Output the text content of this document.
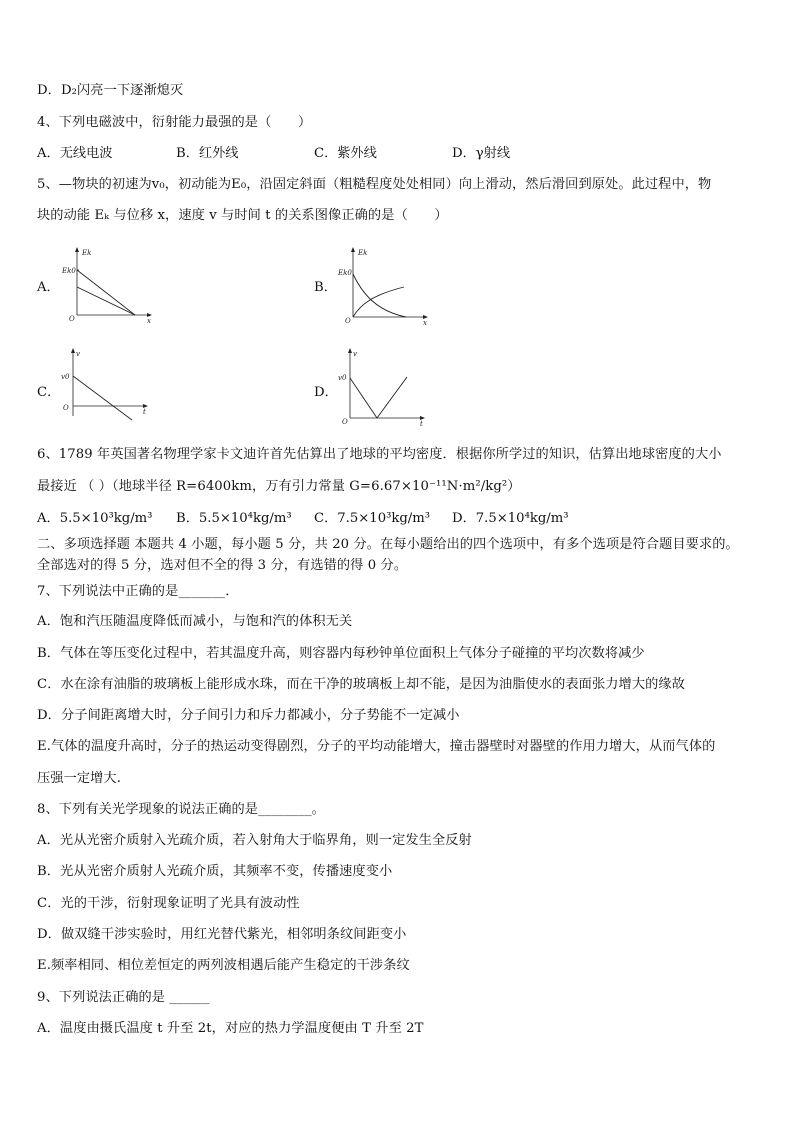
D．D₂闪亮一下逐渐熄灭
4、下列电磁波中，衍射能力最强的是（　　）
A．无线电波	B．红外线	C．紫外线	D．γ射线
5、—物块的初速为v₀，初动能为E₀，沿固定斜面（粗糙程度处处相同）向上滑动，然后滑回到原处。此过程中，物
块的动能 Eₖ 与位移 x，速度 v 与时间 t 的关系图像正确的是（　　）
A．
Ek
Ek0
O	x
B．
Ek
Ek0
O	x
C．
v
v0
O	t
D．
v
v0
O	t
6、1789 年英国著名物理学家卡文迪许首先估算出了地球的平均密度．根据你所学过的知识，估算出地球密度的大小
最接近 （ ）（地球半径 R=6400km，万有引力常量 G=6.67×10⁻¹¹N·m²/kg²）
A．5.5×10³kg/m³ B．5.5×10⁴kg/m³ C．7.5×10³kg/m³ D．7.5×10⁴kg/m³
二、多项选择题 本题共 4 小题，每小题 5 分，共 20 分。在每小题给出的四个选项中，有多个选项是符合题目要求的。
全部选对的得 5 分，选对但不全的得 3 分，有选错的得 0 分。
7、下列说法中正确的是_______．
A．饱和汽压随温度降低而减小，与饱和汽的体积无关
B．气体在等压变化过程中，若其温度升高，则容器内每秒钟单位面积上气体分子碰撞的平均次数将减少
C．水在涂有油脂的玻璃板上能形成水珠，而在干净的玻璃板上却不能，是因为油脂使水的表面张力增大的缘故
D．分子间距离增大时，分子间引力和斥力都减小，分子势能不一定减小
E.气体的温度升高时，分子的热运动变得剧烈，分子的平均动能增大，撞击器壁时对器壁的作用力增大，从而气体的
压强一定增大.
8、下列有关光学现象的说法正确的是________。
A．光从光密介质射入光疏介质，若入射角大于临界角，则一定发生全反射
B．光从光密介质射人光疏介质，其频率不变，传播速度变小
C．光的干涉，衍射现象证明了光具有波动性
D．做双缝干涉实验时，用红光替代紫光，相邻明条纹间距变小
E.频率相同、相位差恒定的两列波相遇后能产生稳定的干涉条纹
9、下列说法正确的是 ______
A．温度由摄氏温度 t 升至 2t，对应的热力学温度便由 T 升至 2T
